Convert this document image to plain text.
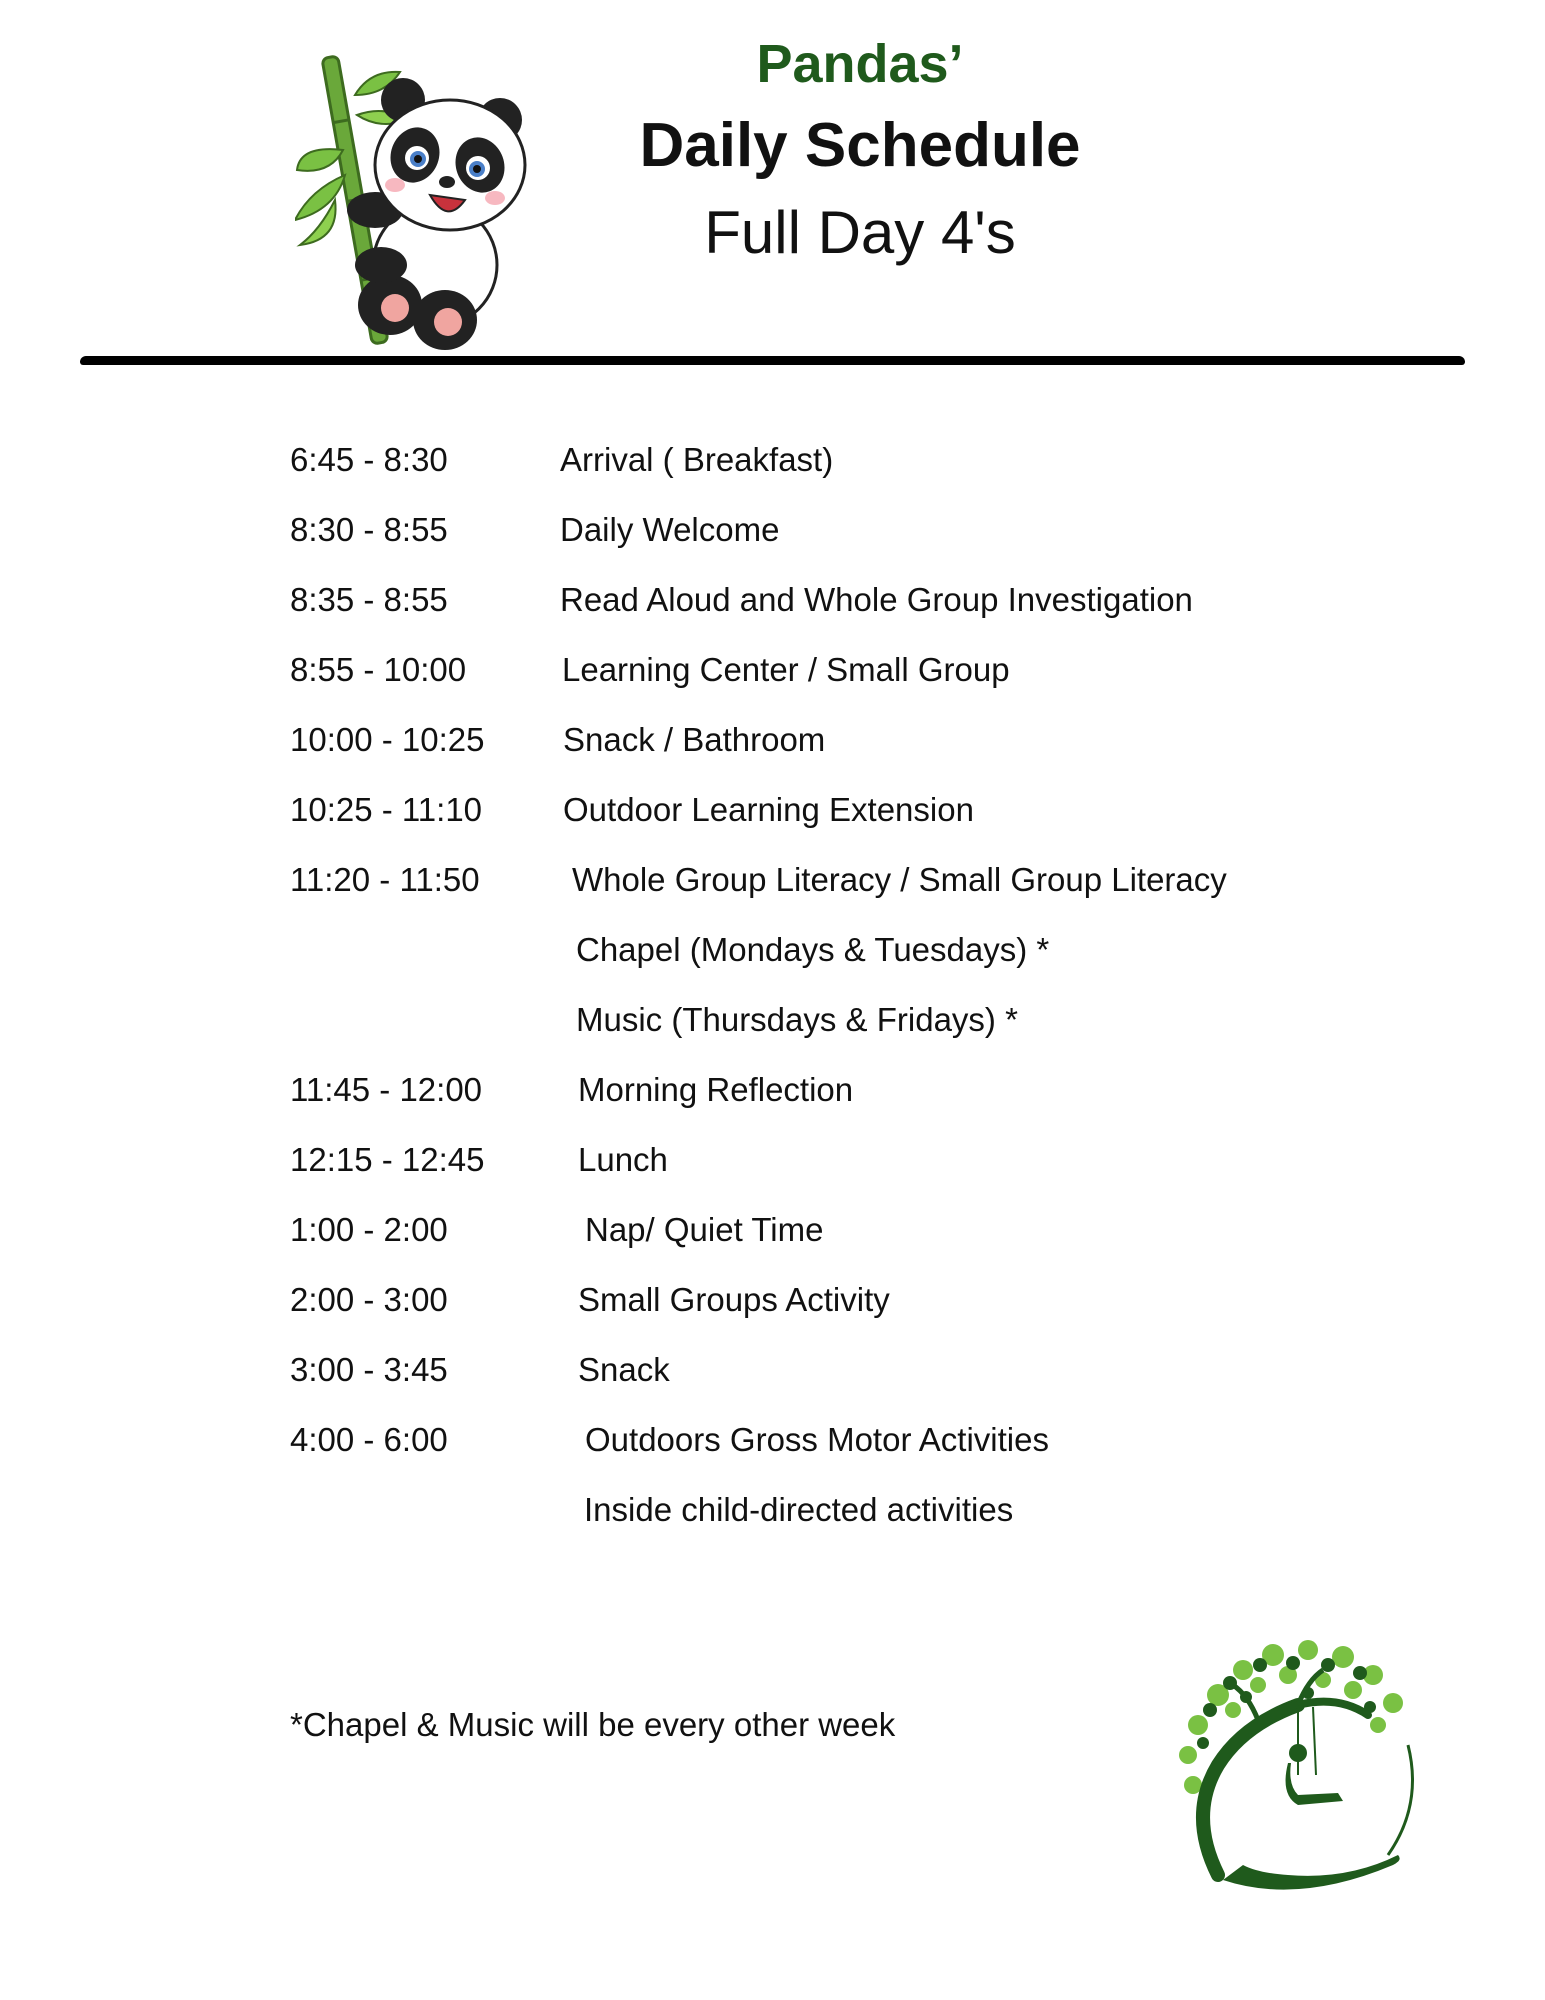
Pandas’
Daily Schedule
Full Day 4's
6:45 - 8:30	Arrival ( Breakfast)
8:30 - 8:55	Daily Welcome
8:35 - 8:55	Read Aloud and Whole Group Investigation
8:55 - 10:00	Learning Center / Small Group
10:00 - 10:25 Snack / Bathroom
10:25 - 11:10 Outdoor Learning Extension
11:20 - 11:50	Whole Group Literacy / Small Group Literacy
Chapel (Mondays & Tuesdays) *
Music (Thursdays & Fridays) *
11:45 - 12:00	Morning Reflection
12:15 - 12:45	Lunch
1:00 - 2:00	Nap/ Quiet Time
2:00 - 3:00	Small Groups Activity
3:00 - 3:45	Snack
4:00 - 6:00	Outdoors Gross Motor Activities
Inside child-directed activities
*Chapel & Music will be every other week
